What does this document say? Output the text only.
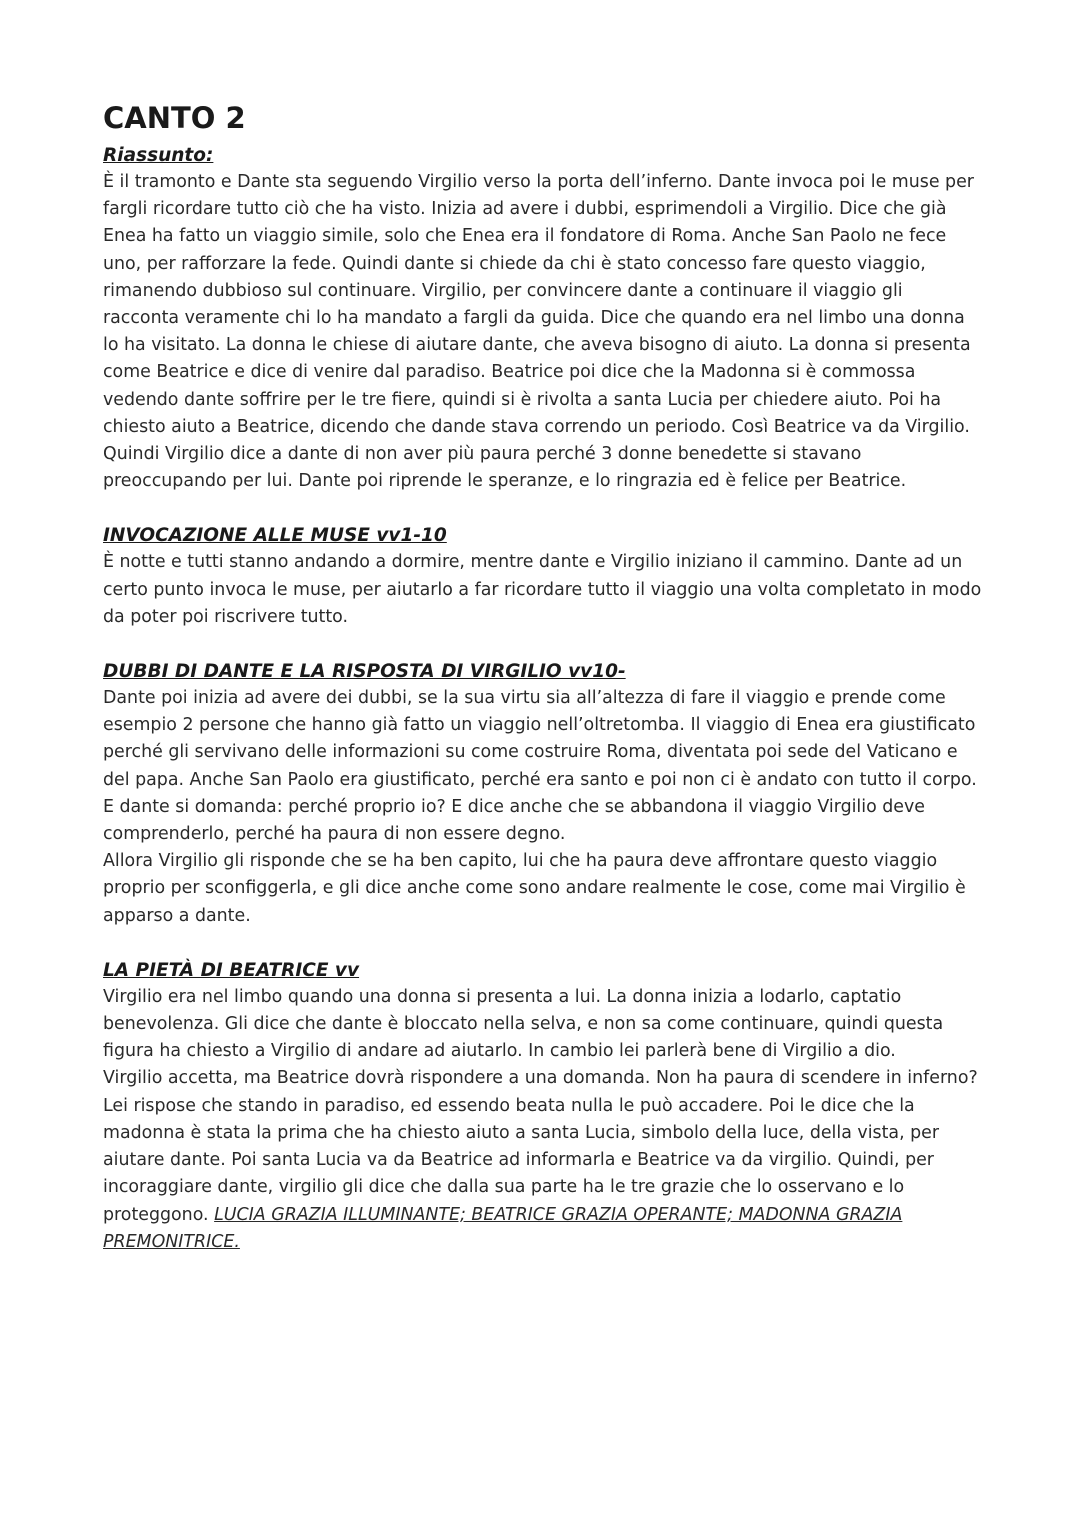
CANTO 2
Riassunto:

È il tramonto e Dante sta seguendo Virgilio verso la porta dell’inferno. Dante invoca poi le muse per fargli ricordare tutto ciò che ha visto. Inizia ad avere i dubbi, esprimendoli a Virgilio. Dice che già Enea ha fatto un viaggio simile, solo che Enea era il fondatore di Roma. Anche San Paolo ne fece uno, per rafforzare la fede. Quindi dante si chiede da chi è stato concesso fare questo viaggio, rimanendo dubbioso sul continuare. Virgilio, per convincere dante a continuare il viaggio gli racconta veramente chi lo ha mandato a fargli da guida. Dice che quando era nel limbo una donna lo ha visitato. La donna le chiese di aiutare dante, che aveva bisogno di aiuto. La donna si presenta come Beatrice e dice di venire dal paradiso. Beatrice poi dice che la Madonna si è commossa vedendo dante soffrire per le tre fiere, quindi si è rivolta a santa Lucia per chiedere aiuto. Poi ha chiesto aiuto a Beatrice, dicendo che dande stava correndo un periodo. Così Beatrice va da Virgilio. Quindi Virgilio dice a dante di non aver più paura perché 3 donne benedette si stavano preoccupando per lui. Dante poi riprende le speranze, e lo ringrazia ed è felice per Beatrice.

INVOCAZIONE ALLE MUSE vv1-10

È notte e tutti stanno andando a dormire, mentre dante e Virgilio iniziano il cammino. Dante ad un certo punto invoca le muse, per aiutarlo a far ricordare tutto il viaggio una volta completato in modo da poter poi riscrivere tutto.

DUBBI DI DANTE E LA RISPOSTA DI VIRGILIO vv10-

Dante poi inizia ad avere dei dubbi, se la sua virtu sia all’altezza di fare il viaggio e prende come esempio 2 persone che hanno già fatto un viaggio nell’oltretomba. Il viaggio di Enea era giustificato perché gli servivano delle informazioni su come costruire Roma, diventata poi sede del Vaticano e del papa. Anche San Paolo era giustificato, perché era santo e poi non ci è andato con tutto il corpo. E dante si domanda: perché proprio io? E dice anche che se abbandona il viaggio Virgilio deve comprenderlo, perché ha paura di non essere degno.

Allora Virgilio gli risponde che se ha ben capito, lui che ha paura deve affrontare questo viaggio proprio per sconfiggerla, e gli dice anche come sono andare realmente le cose, come mai Virgilio è apparso a dante.

LA PIETÀ DI BEATRICE vv

Virgilio era nel limbo quando una donna si presenta a lui. La donna inizia a lodarlo, captatio benevolenza. Gli dice che dante è bloccato nella selva, e non sa come continuare, quindi questa figura ha chiesto a Virgilio di andare ad aiutarlo. In cambio lei parlerà bene di Virgilio a dio.

Virgilio accetta, ma Beatrice dovrà rispondere a una domanda. Non ha paura di scendere in inferno? Lei rispose che stando in paradiso, ed essendo beata nulla le può accadere. Poi le dice che la madonna è stata la prima che ha chiesto aiuto a santa Lucia, simbolo della luce, della vista, per aiutare dante. Poi santa Lucia va da Beatrice ad informarla e Beatrice va da virgilio. Quindi, per incoraggiare dante, virgilio gli dice che dalla sua parte ha le tre grazie che lo osservano e lo proteggono. LUCIA GRAZIA ILLUMINANTE; BEATRICE GRAZIA OPERANTE; MADONNA GRAZIA PREMONITRICE.
